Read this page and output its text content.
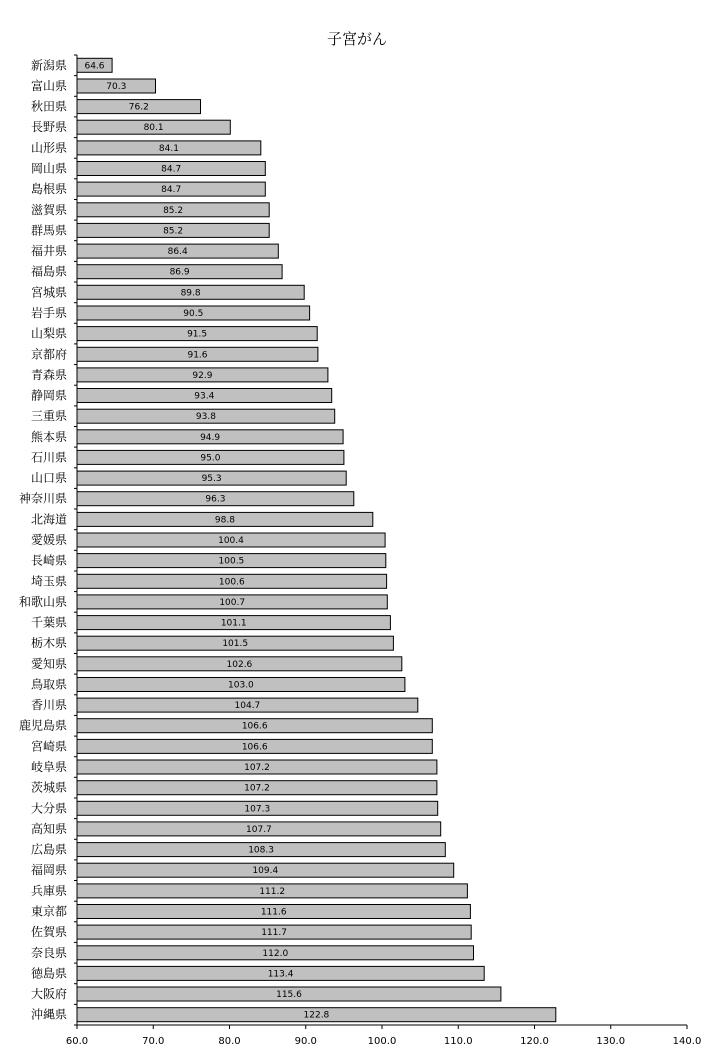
子宮がん
64.6
新潟県
70.3
富山県
76.2
秋田県
80.1
長野県
84.1
山形県
84.7
岡山県
84.7
島根県
85.2
滋賀県
85.2
群馬県
86.4
福井県
86.9
福島県
89.8
宮城県
90.5
岩手県
91.5
山梨県
91.6
京都府
92.9
青森県
93.4
静岡県
93.8
三重県
94.9
熊本県
95.0
石川県
95.3
山口県
96.3
神奈川県
98.8
北海道
100.4
愛媛県
100.5
長崎県
100.6
埼玉県
100.7
和歌山県
101.1
千葉県
101.5
栃木県
102.6
愛知県
103.0
鳥取県
104.7
香川県
106.6
鹿児島県
106.6
宮崎県
107.2
岐阜県
107.2
茨城県
107.3
大分県
107.7
高知県
108.3
広島県
109.4
福岡県
111.2
兵庫県
111.6
東京都
111.7
佐賀県
112.0
奈良県
113.4
徳島県
115.6
大阪府
122.8
沖縄県
60.0	70.0	80.0	90.0	100.0	110.0	120.0	130.0	140.0
